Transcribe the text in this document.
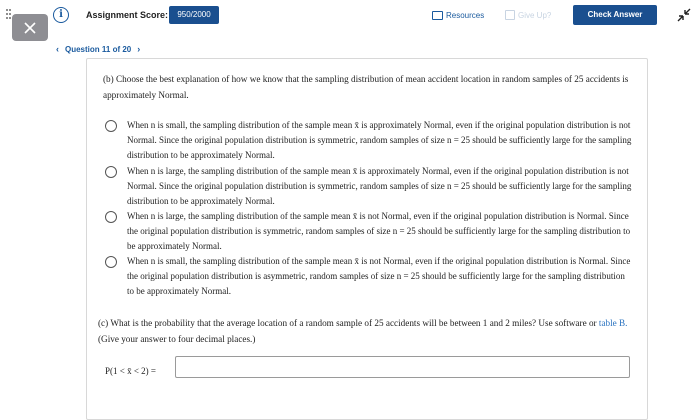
i	Assignment Score:	950/2000	Resources	Give Up?	Check Answer
‹ Question 11 of 20 ›
(b) Choose the best explanation of how we know that the sampling distribution of mean accident location in random samples of 25 accidents is approximately Normal.
When n is small, the sampling distribution of the sample mean x̄ is approximately Normal, even if the original population distribution is not Normal. Since the original population distribution is symmetric, random samples of size n = 25 should be sufficiently large for the sampling distribution to be approximately Normal.
When n is large, the sampling distribution of the sample mean x̄ is approximately Normal, even if the original population distribution is not Normal. Since the original population distribution is symmetric, random samples of size n = 25 should be sufficiently large for the sampling distribution to be approximately Normal.
When n is large, the sampling distribution of the sample mean x̄ is not Normal, even if the original population distribution is Normal. Since the original population distribution is symmetric, random samples of size n = 25 should be sufficiently large for the sampling distribution to be approximately Normal.
When n is small, the sampling distribution of the sample mean x̄ is not Normal, even if the original population distribution is Normal. Since the original population distribution is asymmetric, random samples of size n = 25 should be sufficiently large for the sampling distribution to be approximately Normal.
(c) What is the probability that the average location of a random sample of 25 accidents will be between 1 and 2 miles? Use software or table B. (Give your answer to four decimal places.)
P(1 < x̄ < 2) =
